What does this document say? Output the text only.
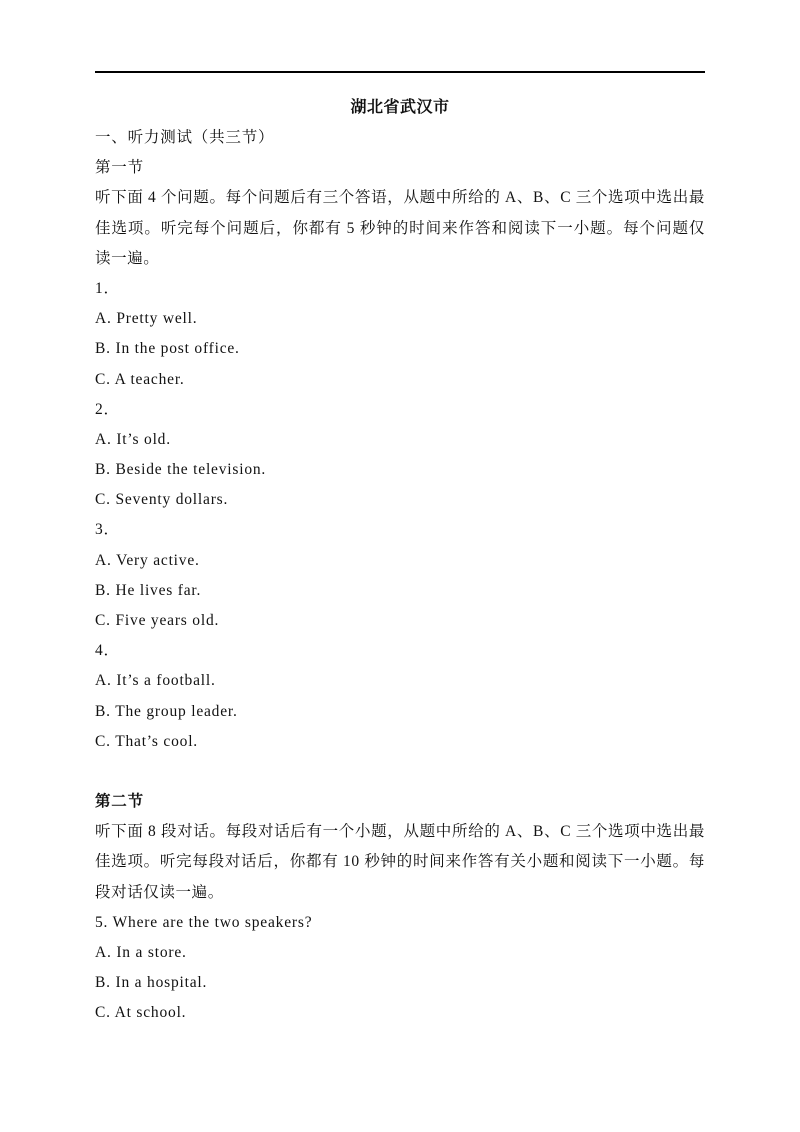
湖北省武汉市
一、听力测试（共三节）
第一节
听下面 4 个问题。每个问题后有三个答语，从题中所给的 A、B、C 三个选项中选出最佳选项。听完每个问题后，你都有 5 秒钟的时间来作答和阅读下一小题。每个问题仅读一遍。
1．
A. Pretty well.
B. In the post office.
C. A teacher.
2．
A. It’s old.
B. Beside the television.
C. Seventy dollars.
3．
A. Very active.
B. He lives far.
C. Five years old.
4．
A. It’s a football.
B. The group leader.
C. That’s cool.
第二节
听下面 8 段对话。每段对话后有一个小题，从题中所给的 A、B、C 三个选项中选出最佳选项。听完每段对话后，你都有 10 秒钟的时间来作答有关小题和阅读下一小题。每段对话仅读一遍。
5. Where are the two speakers?
A. In a store.
B. In a hospital.
C. At school.
